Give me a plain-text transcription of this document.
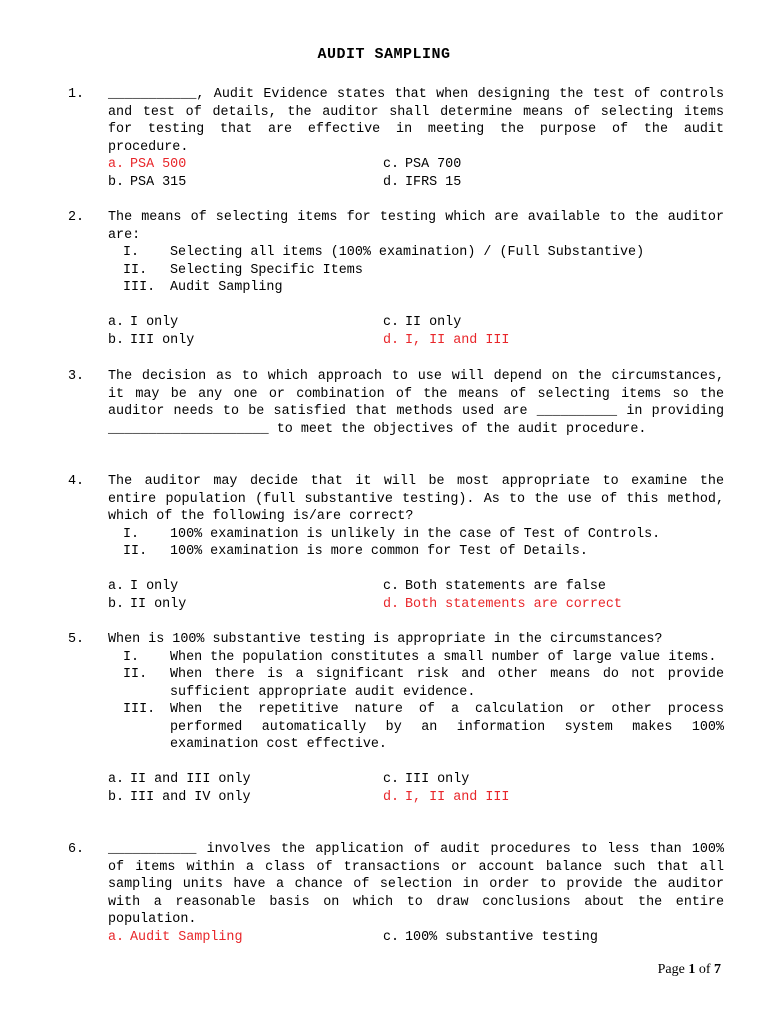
AUDIT SAMPLING
1. ___________, Audit Evidence states that when designing the test of controls and test of details, the auditor shall determine means of selecting items for testing that are effective in meeting the purpose of the audit procedure.
a. PSA 500	c. PSA 700
b. PSA 315	d. IFRS 15
2. The means of selecting items for testing which are available to the auditor are:
I.	Selecting all items (100% examination) / (Full Substantive)
II.	Selecting Specific Items
III.	Audit Sampling
a. I only	c. II only
b. III only	d. I, II and III
3. The decision as to which approach to use will depend on the circumstances, it may be any one or combination of the means of selecting items so the auditor needs to be satisfied that methods used are __________ in providing ____________________ to meet the objectives of the audit procedure.
4. The auditor may decide that it will be most appropriate to examine the entire population (full substantive testing). As to the use of this method, which of the following is/are correct?
I.	100% examination is unlikely in the case of Test of Controls.
II.	100% examination is more common for Test of Details.
a. I only	c. Both statements are false
b. II only	d. Both statements are correct
5. When is 100% substantive testing is appropriate in the circumstances?
I.	When the population constitutes a small number of large value items.
II.	When there is a significant risk and other means do not provide sufficient appropriate audit evidence.
III.	When the repetitive nature of a calculation or other process performed automatically by an information system makes 100% examination cost effective.
a. II and III only	c. III only
b. III and IV only	d. I, II and III
6. ___________ involves the application of audit procedures to less than 100% of items within a class of transactions or account balance such that all sampling units have a chance of selection in order to provide the auditor with a reasonable basis on which to draw conclusions about the entire population.
a. Audit Sampling	c. 100% substantive testing
Page 1 of 7
